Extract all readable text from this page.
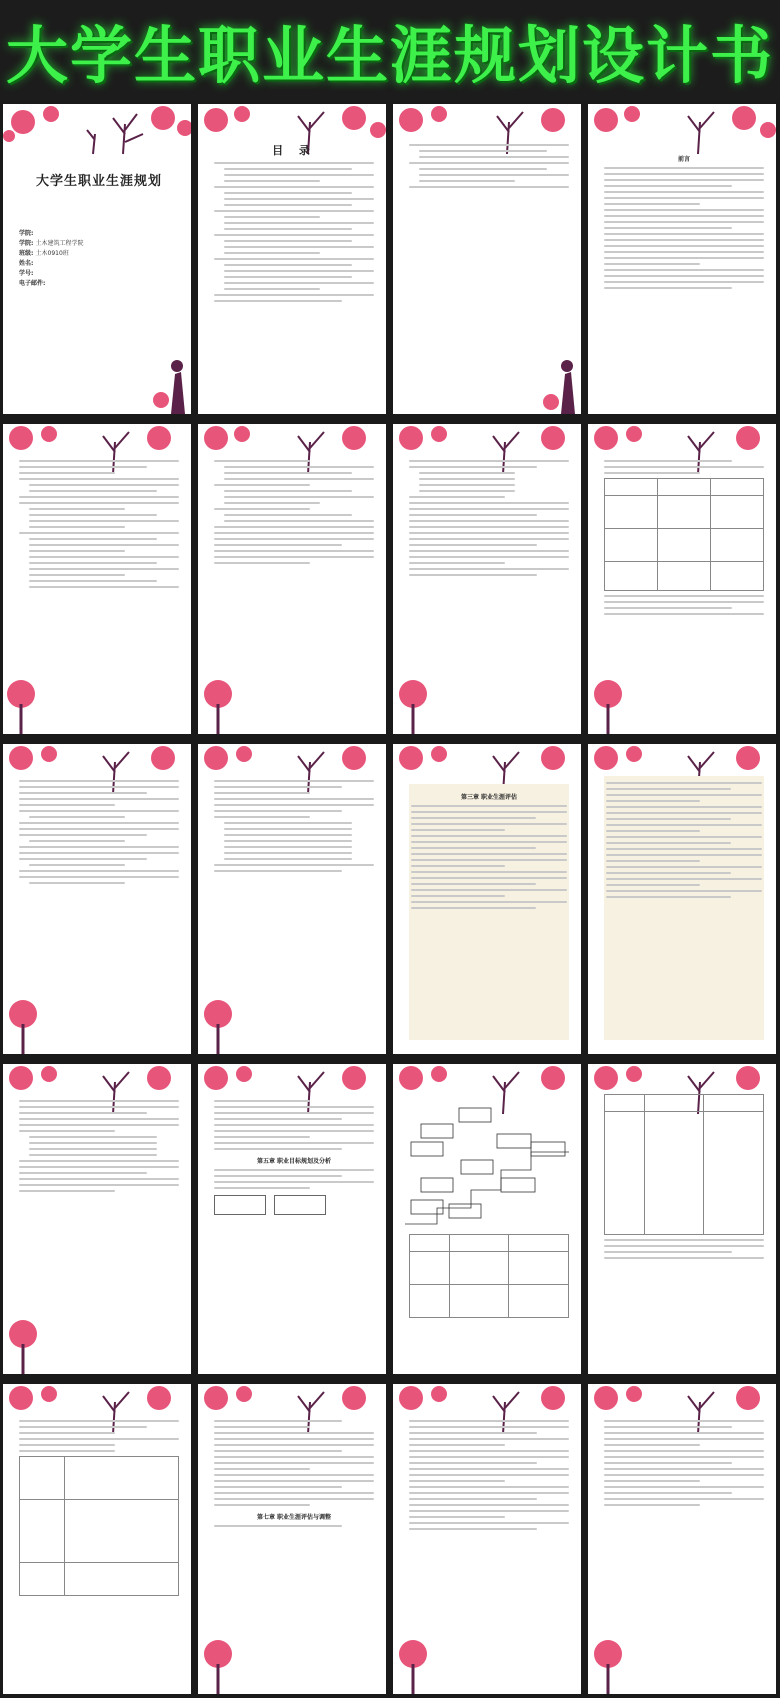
大学生职业生涯规划设计书
大学生职业生涯规划
学院:
学院: 土木建筑工程学院
班级: 土木0910班
姓名:
学号:
电子邮件:
目 录
前言

第三章 职业生涯评估
第五章 职业目标规划及分析

第七章 职业生涯评估与调整
